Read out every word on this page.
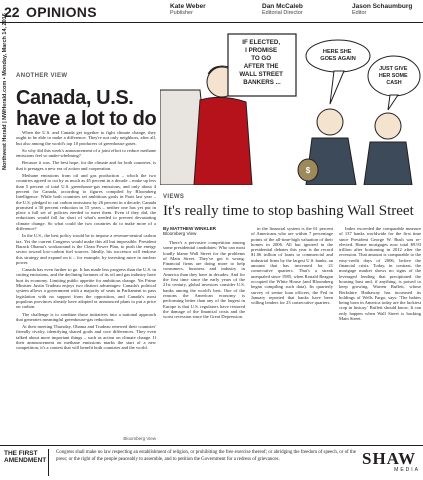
22 OPINIONS	Kate Weber
Publisher
Dan McCaleb
Editorial Director
Jason Schaumburg
Editor
Northwest Herald | NWHerald.com • Monday, March 14, 2016
ANOTHER VIEW
Canada, U.S. have a lot to do

When the U.S. and Canada get together to fight climate change, they ought to be able to make a difference. They're not only neighbors, after all, but also among the world's top 10 producers of greenhouse gases.

So why did this week's announcement of a joint effort to reduce methane emissions feel so under-whelming?

Because it was. The best hope, for the climate and for both countries, is that it presages a new era of action and cooperation.

Methane emissions from oil and gas production – which the two countries agreed to cut by as much as 45 percent in a decade – make up less than 5 percent of total U.S. greenhouse-gas emissions, and only about 4 percent for Canada, according to figures compiled by Bloomberg Intelligence. While both countries set ambitious goals in Paris last year – the U.S. pledged to cut carbon emissions by 26 percent in a decade; Canada promised a 30 percent reduction in 15 years – neither one has yet put in place a full set of policies needed to meet them. Even if they did, the reductions would fall far short of what's needed to prevent devastating climate change. So what could the two countries do to make more of a difference?

In the U.S., the best policy would be to impose a revenue-neutral carbon tax. Yet the current Congress would make this all but impossible. President Barack Obama's workaround is the Clean Power Plan, to push the energy sector toward low-carbon fuel sources. Ideally, his successor will endorse this strategy and expand on it – for example, by investing more in nuclear power.

Canada has even further to go. It has made less progress than the U.S. in cutting emissions, and the declining fortunes of its oil and gas industry have hurt its economy. Limiting public appetite for ambitious change. Yet Prime Minister Justin Trudeau enjoys two distinct advantages: Canada's political system allows a government with a majority of seats in Parliament to pass legislation with no support from the opposition, and Canada's most populous provinces already have adopted or announced plans to put a price on carbon.

The challenge is to combine those initiatives into a national approach that generates meaningful greenhouse-gas reductions.

At their meeting Thursday, Obama and Trudeau renewed their countries' friendly rivalry, identifying shared goals and core differences. They even talked about more important things – such as action on climate change. If their announcement on methane emissions marks the start of a new competition, it's a contest that will benefit both countries and the world.

Bloomberg View
IF ELECTED, I PROMISE TO GO AFTER THE WALL STREET BANKERS ...
$
HERE SHE GOES AGAIN
JUST GIVE HER SOME CASH
VIEWS
It's really time to stop bashing Wall Street
By MATTHEW WINKLER
Bloomberg View

There's a pervasive competition among some presidential candidates: Who can most loudly blame Wall Street for the problems of Main Street. They've got it wrong. Financial firms are doing more to help consumers, business and industry in America than they have in decades. And for the first time since the early years of the 21st century, global investors consider U.S. banks among the world's best. One of the reasons the American economy is performing better than any of the largest in Europe is that U.S. regulators have restored the damage of the financial crisis and the worst recession since the Great Depression.

in the financial system is the 61 percent of Americans who are within 7 percentage points of the all-time-high valuation of their homes in 2006. All but ignored in the presidential debates this year is the record $1.06 trillion of loans to commercial and industrial firms by the largest U.S. banks, an amount that has increased for 21 consecutive quarters. That's a streak unequaled since 1985, when Ronald Reagan occupied the White House (and Bloomberg began compiling such data). Its quarterly survey of senior loan officers, the Fed in January reported that banks have been willing lenders for 23 consecutive quarters.

Index exceeded the comparable measure of 137 banks worldwide for the first time since President George W. Bush was re-elected. Home mortgages now total $9.93 trillion after bottoming in 2012 after the recession. That amount is comparable to the easy-credit days of 2006, before the financial crisis. Today, in contrast, the mortgage market shows no signs of the leveraged lending that precipitated the housing bust and, if anything, is poised to keep growing. Warren Buffett, whose Berkshire Hathaway has increased its holdings of Wells Fargo, says: 'The babies being born in America today are the luckiest crop in history.' Buffett should know. It can only happen when Wall Street is backing Main Street.

THE FIRST AMENDMENT
Congress shall make no law respecting an establishment of religion, or prohibiting the free exercise thereof; or abridging the freedom of speech, or of the press; or the right of the people peaceably to assemble, and to petition the Government for a redress of grievances.	SHAW
MEDIA
